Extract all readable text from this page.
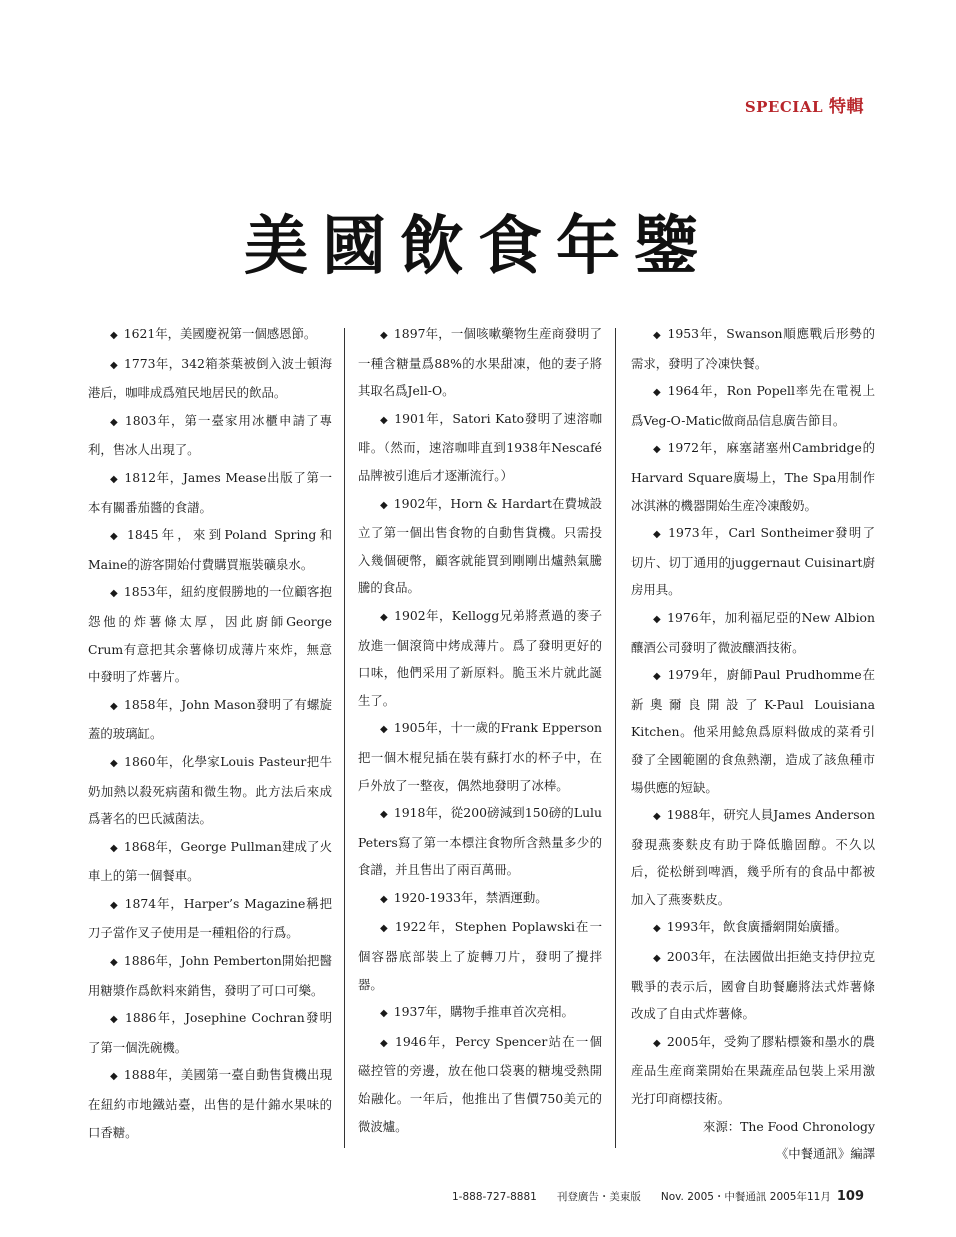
SPECIAL 特輯
美國飲食年鑒

◆ 1621年，美國慶祝第一個感恩節。

◆ 1773年，342箱茶葉被倒入波士頓海港后，咖啡成爲殖民地居民的飲品。

◆ 1803年，第一臺家用冰櫃申請了專利，售冰人出現了。

◆ 1812年，James Mease出版了第一本有關番茄醬的食譜。

◆ 1845年，來到Poland Spring和Maine的游客開始付費購買瓶裝礦泉水。

◆ 1853年，紐約度假勝地的一位顧客抱怨他的炸薯條太厚，因此廚師George Crum有意把其余薯條切成薄片來炸，無意中發明了炸薯片。

◆ 1858年，John Mason發明了有螺旋蓋的玻璃缸。

◆ 1860年，化學家Louis Pasteur把牛奶加熱以殺死病菌和微生物。此方法后來成爲著名的巴氏滅菌法。

◆ 1868年，George Pullman建成了火車上的第一個餐車。

◆ 1874年，Harper’s Magazine稱把刀子當作叉子使用是一種粗俗的行爲。

◆ 1886年，John Pemberton開始把醫用糖漿作爲飲料來銷售，發明了可口可樂。

◆ 1886年，Josephine Cochran發明了第一個洗碗機。

◆ 1888年，美國第一臺自動售貨機出現在紐約市地鐵站臺，出售的是什錦水果味的口香糖。

◆ 1897年，一個咳嗽藥物生産商發明了一種含糖量爲88%的水果甜凍，他的妻子將其取名爲Jell-O。

◆ 1901年，Satori Kato發明了速溶咖啡。（然而，速溶咖啡直到1938年Nescafé品牌被引進后才逐漸流行。）

◆ 1902年，Horn & Hardart在費城設立了第一個出售食物的自動售貨機。只需投入幾個硬幣，顧客就能買到剛剛出爐熱氣騰騰的食品。

◆ 1902年，Kellogg兄弟將煮過的麥子放進一個滾筒中烤成薄片。爲了發明更好的口味，他們采用了新原料。脆玉米片就此誕生了。

◆ 1905年，十一歲的Frank Epperson把一個木棍兒插在裝有蘇打水的杯子中，在戶外放了一整夜，偶然地發明了冰棒。

◆ 1918年，從200磅減到150磅的Lulu Peters寫了第一本標注食物所含熱量多少的食譜，并且售出了兩百萬冊。

◆ 1920-1933年，禁酒運動。

◆ 1922年，Stephen Poplawski在一個容器底部裝上了旋轉刀片，發明了攪拌器。

◆ 1937年，購物手推車首次亮相。

◆ 1946年，Percy Spencer站在一個磁控管的旁邊，放在他口袋裏的糖塊受熱開始融化。一年后，他推出了售價750美元的微波爐。

◆ 1953年，Swanson順應戰后形勢的需求，發明了冷凍快餐。

◆ 1964年，Ron Popell率先在電視上爲Veg-O-Matic做商品信息廣告節目。

◆ 1972年，麻塞諸塞州Cambridge的Harvard Square廣場上，The Spa用制作冰淇淋的機器開始生産冷凍酸奶。

◆ 1973年，Carl Sontheimer發明了切片、切丁通用的juggernaut Cuisinart廚房用具。

◆ 1976年，加利福尼亞的New Albion釀酒公司發明了微波釀酒技術。

◆ 1979年，廚師Paul Prudhomme在新奧爾良開設了K-Paul Louisiana Kitchen。他采用鯰魚爲原料做成的菜肴引發了全國範圍的食魚熱潮，造成了該魚種市場供應的短缺。

◆ 1988年，研究人員James Anderson發現燕麥麩皮有助于降低膽固醇。不久以后，從松餅到啤酒，幾乎所有的食品中都被加入了燕麥麩皮。

◆ 1993年，飲食廣播網開始廣播。

◆ 2003年，在法國做出拒絶支持伊拉克戰爭的表示后，國會自助餐廳將法式炸薯條改成了自由式炸薯條。

◆ 2005年，受夠了膠粘標簽和墨水的農産品生産商業開始在果蔬産品包裝上采用激光打印商標技術。

來源：The Food Chronology

《中餐通訊》編譯

1-888-727-8881 刊登廣告・美東版 Nov. 2005・中餐通訊 2005年11月 109
